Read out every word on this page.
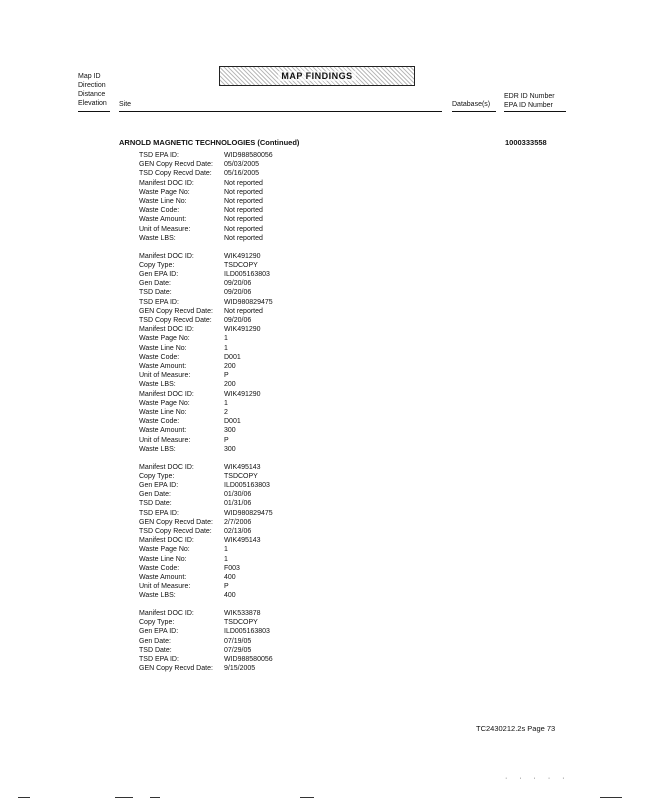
Map ID
Direction
Distance
Elevation
MAP FINDINGS
Site	Database(s)
EDR ID Number
EPA ID Number
ARNOLD MAGNETIC TECHNOLOGIES (Continued)	1000333558
TSD EPA ID:	WID988580056
GEN Copy Recvd Date:	05/03/2005
TSD Copy Recvd Date:	05/16/2005
Manifest DOC ID:	Not reported
Waste Page No:	Not reported
Waste Line No:	Not reported
Waste Code:	Not reported
Waste Amount:	Not reported
Unit of Measure:	Not reported
Waste LBS:	Not reported
Manifest DOC ID:	WIK491290
Copy Type:	TSDCOPY
Gen EPA ID:	ILD005163803
Gen Date:	09/20/06
TSD Date:	09/20/06
TSD EPA ID:	WID980829475
GEN Copy Recvd Date:	Not reported
TSD Copy Recvd Date:	09/20/06
Manifest DOC ID:	WIK491290
Waste Page No:	1
Waste Line No:	1
Waste Code:	D001
Waste Amount:	200
Unit of Measure:	P
Waste LBS:	200
Manifest DOC ID:	WIK491290
Waste Page No:	1
Waste Line No:	2
Waste Code:	D001
Waste Amount:	300
Unit of Measure:	P
Waste LBS:	300
Manifest DOC ID:	WIK495143
Copy Type:	TSDCOPY
Gen EPA ID:	ILD005163803
Gen Date:	01/30/06
TSD Date:	01/31/06
TSD EPA ID:	WID980829475
GEN Copy Recvd Date:	2/7/2006
TSD Copy Recvd Date:	02/13/06
Manifest DOC ID:	WIK495143
Waste Page No:	1
Waste Line No:	1
Waste Code:	F003
Waste Amount:	400
Unit of Measure:	P
Waste LBS:	400
Manifest DOC ID:	WIK533878
Copy Type:	TSDCOPY
Gen EPA ID:	ILD005163803
Gen Date:	07/19/05
TSD Date:	07/29/05
TSD EPA ID:	WID988580056
GEN Copy Recvd Date:	9/15/2005
TC2430212.2s Page 73
· · · · ·
